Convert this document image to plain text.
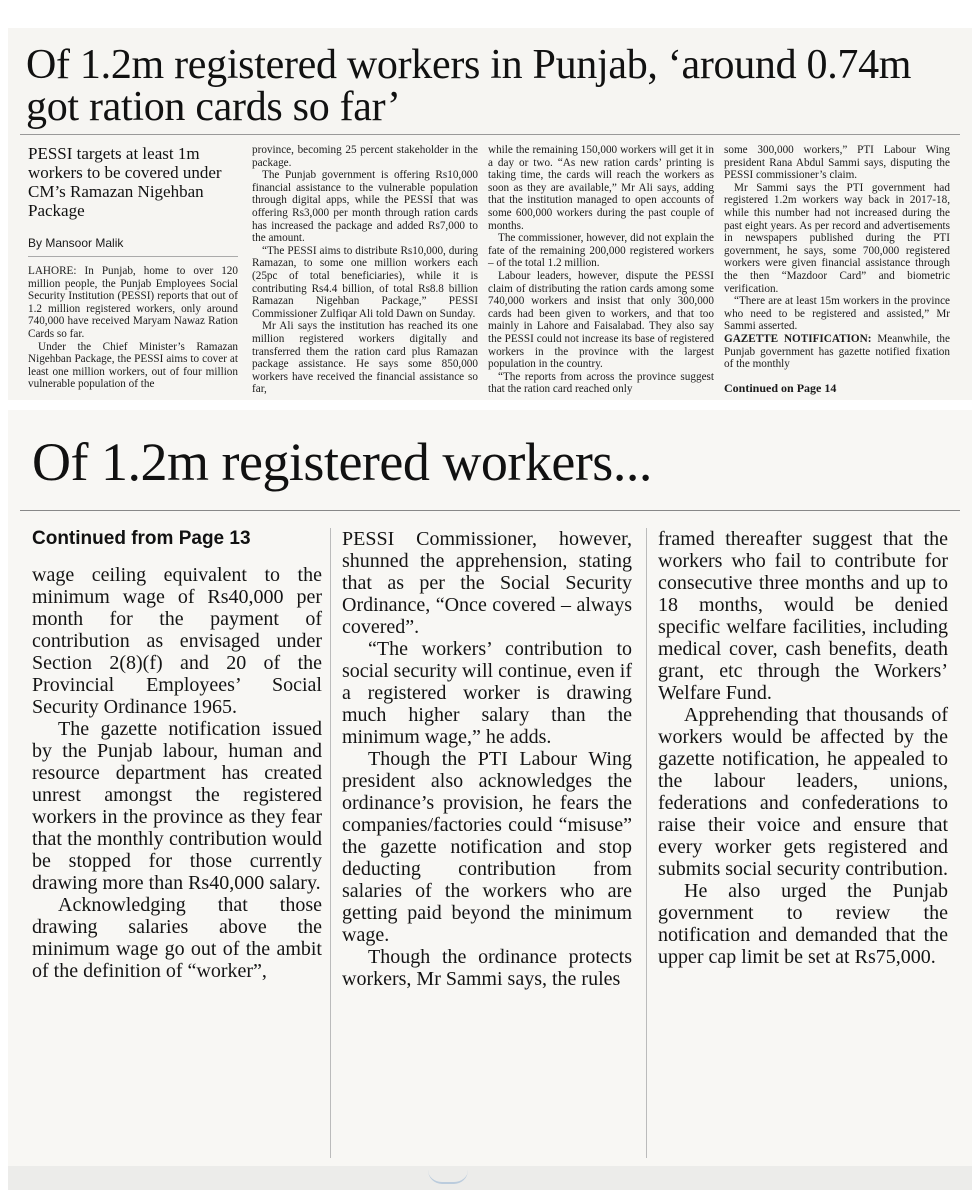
Of 1.2m registered workers in Punjab, ‘around 0.74m got ration cards so far’

PESSI targets at least 1m workers to be covered under CM’s Ramazan Nigehban Package

By Mansoor Malik

LAHORE: In Punjab, home to over 120 million people, the Punjab Employees Social Security Institution (PESSI) reports that out of 1.2 million registered workers, only around 740,000 have received Maryam Nawaz Ration Cards so far.

Under the Chief Minister’s Ramazan Nigehban Package, the PESSI aims to cover at least one million workers, out of four million vulnerable population of the

province, becoming 25 percent stakeholder in the package.

The Punjab government is offering Rs10,000 financial assistance to the vulnerable population through digital apps, while the PESSI that was offering Rs3,000 per month through ration cards has increased the package and added Rs7,000 to the amount.

“The PESSI aims to distribute Rs10,000, during Ramazan, to some one million workers each (25pc of total beneficiaries), while it is contributing Rs4.4 billion, of total Rs8.8 billion Ramazan Nigehban Package,” PESSI Commissioner Zulfiqar Ali told Dawn on Sunday.

Mr Ali says the institution has reached its one million registered workers digitally and transferred them the ration card plus Ramazan package assistance. He says some 850,000 workers have received the financial assistance so far,

while the remaining 150,000 workers will get it in a day or two. “As new ration cards’ printing is taking time, the cards will reach the workers as soon as they are available,” Mr Ali says, adding that the institution managed to open accounts of some 600,000 workers during the past couple of months.

The commissioner, however, did not explain the fate of the remaining 200,000 registered workers – of the total 1.2 million.

Labour leaders, however, dispute the PESSI claim of distributing the ration cards among some 740,000 workers and insist that only 300,000 cards had been given to workers, and that too mainly in Lahore and Faisalabad. They also say the PESSI could not increase its base of registered workers in the province with the largest population in the country.

“The reports from across the province suggest that the ration card reached only

some 300,000 workers,” PTI Labour Wing president Rana Abdul Sammi says, disputing the PESSI commissioner’s claim.

Mr Sammi says the PTI government had registered 1.2m workers way back in 2017-18, while this number had not increased during the past eight years. As per record and advertisements in newspapers published during the PTI government, he says, some 700,000 registered workers were given financial assistance through the then “Mazdoor Card” and biometric verification.

“There are at least 15m workers in the province who need to be registered and assisted,” Mr Sammi asserted.

GAZETTE NOTIFICATION: Meanwhile, the Punjab government has gazette notified fixation of the monthly

Continued on Page 14
Of 1.2m registered workers...
Continued from Page 13

wage ceiling equivalent to the minimum wage of Rs40,000 per month for the payment of contribution as envisaged under Section 2(8)(f) and 20 of the Provincial Employees’ Social Security Ordinance 1965.

The gazette notification issued by the Punjab labour, human and resource department has created unrest amongst the registered workers in the province as they fear that the monthly contribution would be stopped for those currently drawing more than Rs40,000 salary.

Acknowledging that those drawing salaries above the minimum wage go out of the ambit of the definition of “worker”,

PESSI Commissioner, however, shunned the apprehension, stating that as per the Social Security Ordinance, “Once covered – always covered”.

“The workers’ contribution to social security will continue, even if a registered worker is drawing much higher salary than the minimum wage,” he adds.

Though the PTI Labour Wing president also acknowledges the ordinance’s provision, he fears the companies/factories could “misuse” the gazette notification and stop deducting contribution from salaries of the workers who are getting paid beyond the minimum wage.

Though the ordinance protects workers, Mr Sammi says, the rules

framed thereafter suggest that the workers who fail to contribute for consecutive three months and up to 18 months, would be denied specific welfare facilities, including medical cover, cash benefits, death grant, etc through the Workers’ Welfare Fund.

Apprehending that thousands of workers would be affected by the gazette notification, he appealed to the labour leaders, unions, federations and confederations to raise their voice and ensure that every worker gets registered and submits social security contribution.

He also urged the Punjab government to review the notification and demanded that the upper cap limit be set at Rs75,000.
